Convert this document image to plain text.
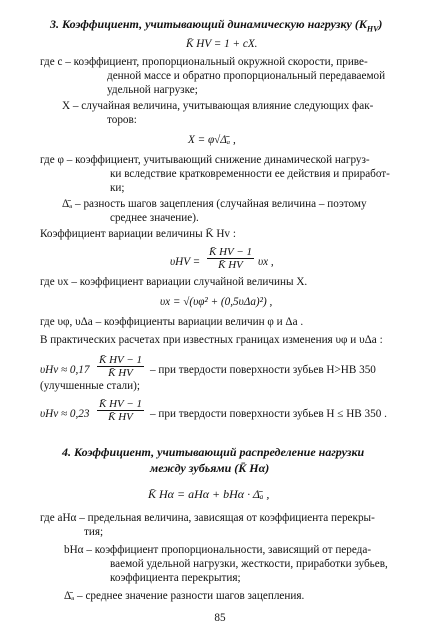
3. Коэффициент, учитывающий динамическую нагрузку $(K_{HV})$
K̄ HV = 1 + cX.
где с – коэффициент, пропорциональный окружной скорости, приве-
денной массе и обратно пропорциональный передаваемой
удельной нагрузке;
X – случайная величина, учитывающая влияние следующих фак-
торов:
X = φ√Δ̄ₐ ,
где φ – коэффициент, учитывающий снижение динамической нагруз-
ки вследствие кратковременности ее действия и приработ-
ки;
Δ̄ₐ – разность шагов зацепления (случайная величина – поэтому
среднее значение).
Коэффициент вариации величины K̄ Hv :
$\upsilon HV = \frac{K̄ HV - 1}{K̄ HV}$ υx ,
где υx – коэффициент вариации случайной величины X.
υx = √(υφ² + (0,5υΔa)²) ,
где υφ, υΔa – коэффициенты вариации величин φ и Δa .
В практических расчетах при известных границах изменения υφ и υΔa :
$\upsilon Hv \approx 0,17 \frac{K̄ HV - 1}{K̄ HV}$ – при твердости поверхности зубьев H>HB 350
(улучшенные стали);
$\upsilon Hv \approx 0,23 \frac{K̄ HV - 1}{K̄ HV}$ – при твердости поверхности зубьев H ≤ HB 350 .
4. Коэффициент, учитывающий распределение нагрузки
между зубьями (K̄ Hα)
K̄ Hα = aHα + bHα · Δ̄ₐ ,
где aHα – предельная величина, зависящая от коэффициента перекры-
тия;
bHα – коэффициент пропорциональности, зависящий от переда-
ваемой удельной нагрузки, жесткости, приработки зубьев,
коэффициента перекрытия;
Δ̄ₐ – среднее значение разности шагов зацепления.
85
